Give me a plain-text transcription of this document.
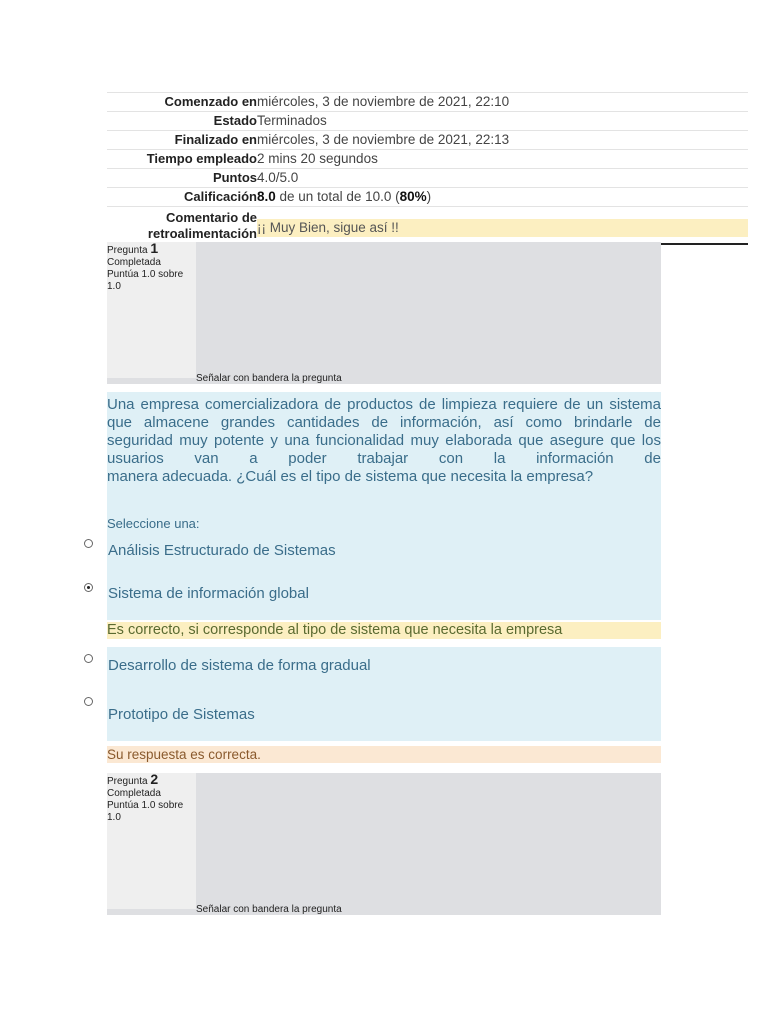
Comenzado en miércoles, 3 de noviembre de 2021, 22:10
Estado Terminados
Finalizado en miércoles, 3 de noviembre de 2021, 22:13
Tiempo empleado 2 mins 20 segundos
Puntos 4.0/5.0
Calificación 8.0 de un total de 10.0 (80%)
Comentario de
retroalimentación ¡¡ Muy Bien, sigue así !!
Pregunta 1
Completada
Puntúa 1.0 sobre 1.0
Señalar con bandera la pregunta
Una empresa comercializadora de productos de limpieza requiere de un sistema que almacene grandes cantidades de información, así como brindarle de seguridad muy potente y una funcionalidad muy elaborada que asegure que los usuarios van a poder trabajar con la información de
manera adecuada. ¿Cuál es el tipo de sistema que necesita la empresa?
Seleccione una:
Análisis Estructurado de Sistemas
Sistema de información global
Es correcto, si corresponde al tipo de sistema que necesita la empresa
Desarrollo de sistema de forma gradual
Prototipo de Sistemas
Su respuesta es correcta.
Pregunta 2
Completada
Puntúa 1.0 sobre 1.0
Señalar con bandera la pregunta
